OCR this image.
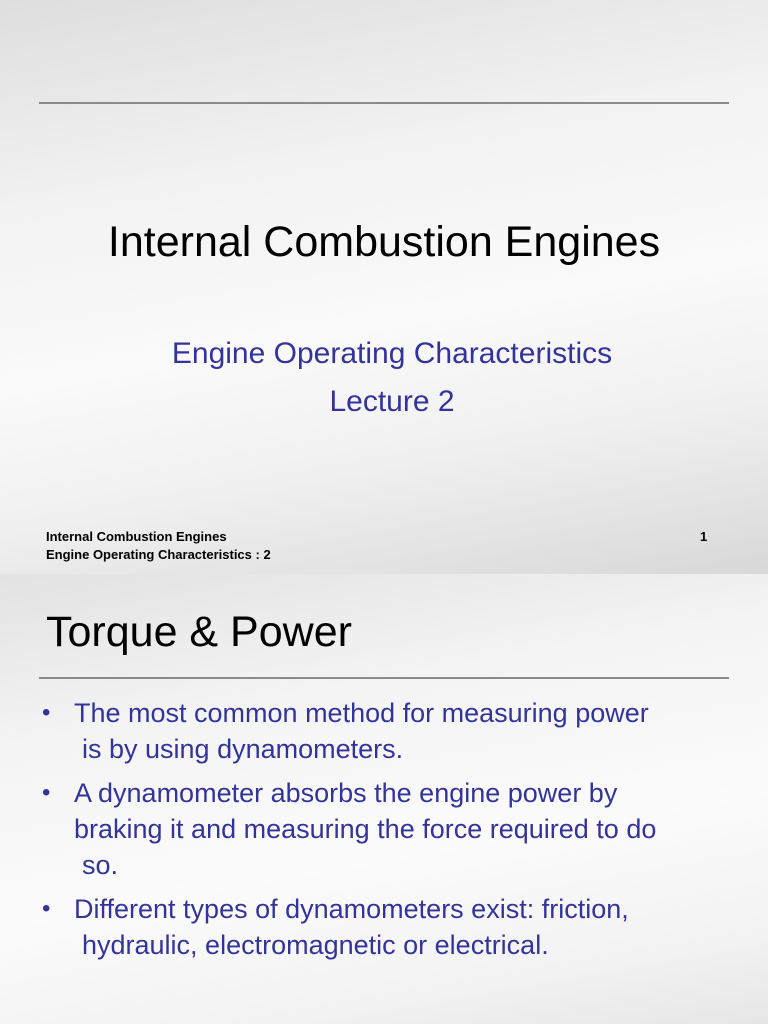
Internal Combustion Engines
Engine Operating Characteristics
Lecture 2
Internal Combustion Engines
Engine Operating Characteristics : 2
1
Torque & Power
• The most common method for measuring power
is by using dynamometers.
• A dynamometer absorbs the engine power by
braking it and measuring the force required to do
so.
• Different types of dynamometers exist: friction,
hydraulic, electromagnetic or electrical.
